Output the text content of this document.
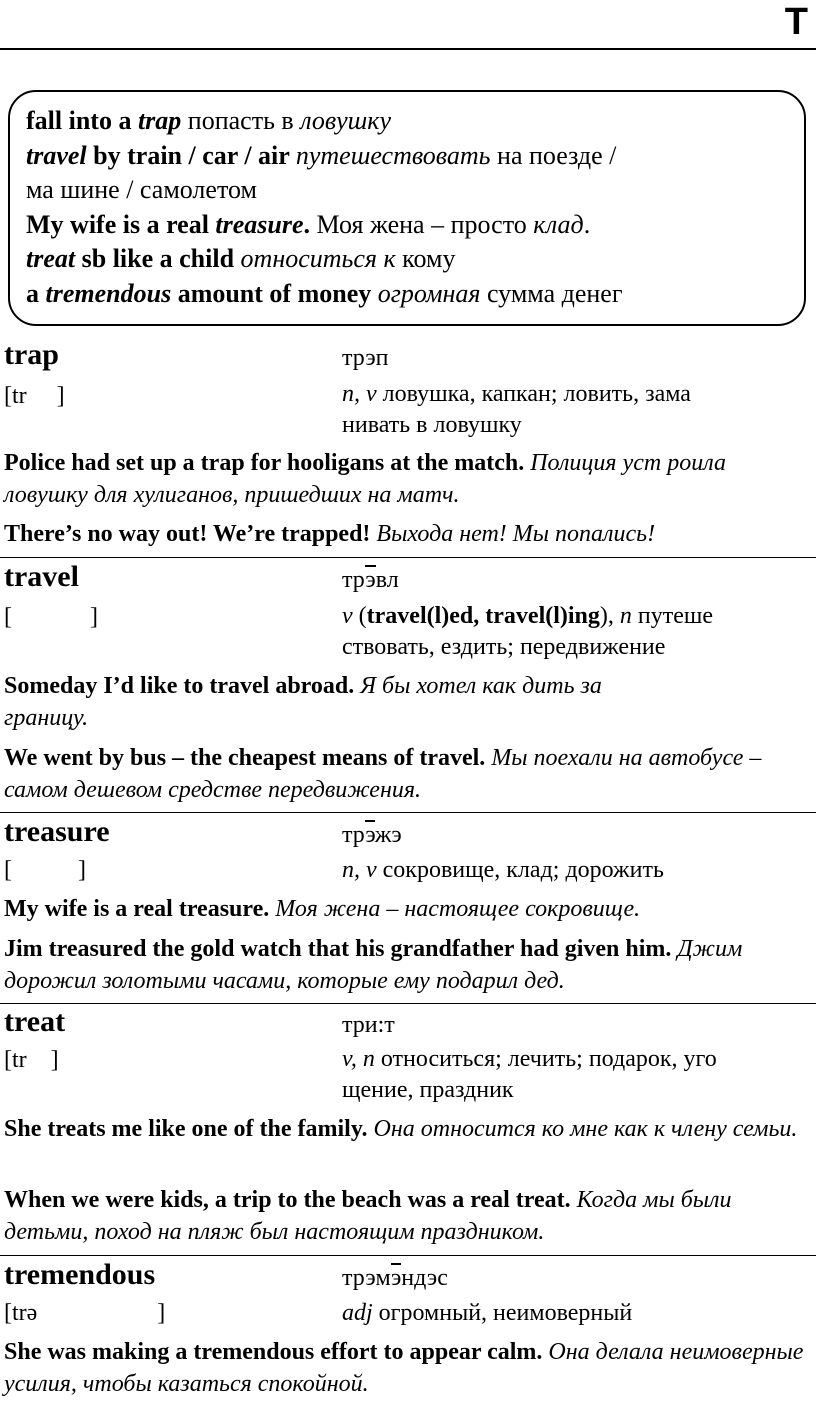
T
fall into a trap попасть в ловушку
travel by train / car / air путешествовать на поезде /
ма шине / самолетом
My wife is a real treasure. Моя жена – просто клад.
treat sb like a child относиться к кому
a tremendous amount of money огромная сумма денег
trap	трэп
[tr     ]	n, v ловушка, капкан; ловить, зама
нивать в ловушку
Police had set up a trap for hooligans at the match. Полиция уст роила ловушку для хулиганов, пришедших на матч.
There’s no way out! We’re trapped! Выхода нет! Мы попались!
travel	трэвл
[             ]	v (travel(l)ed, travel(l)ing), n путеше
ствовать, ездить; передвижение
Someday I’d like to travel abroad. Я бы хотел как дить за границу.
We went by bus – the cheapest means of travel. Мы поехали на автобусе – самом дешевом средстве передвижения.
treasure	трэжэ
[           ]	n, v сокровище, клад; дорожить
My wife is a real treasure. Моя жена – настоящее сокровище.
Jim treasured the gold watch that his grandfather had given him. Джим дорожил золотыми часами, которые ему подарил дед.
treat	три:т
[tr    ]	v, n относиться; лечить; подарок, уго
щение, праздник
She treats me like one of the family. Она относится ко мне как к члену семьи.
When we were kids, a trip to the beach was a real treat. Когда мы были детьми, поход на пляж был настоящим праздником.
tremendous	трэмэндэс
[trə                    ]	adj огромный, неимоверный
She was making a tremendous effort to appear calm. Она делала неимоверные усилия, чтобы казаться спокойной.
